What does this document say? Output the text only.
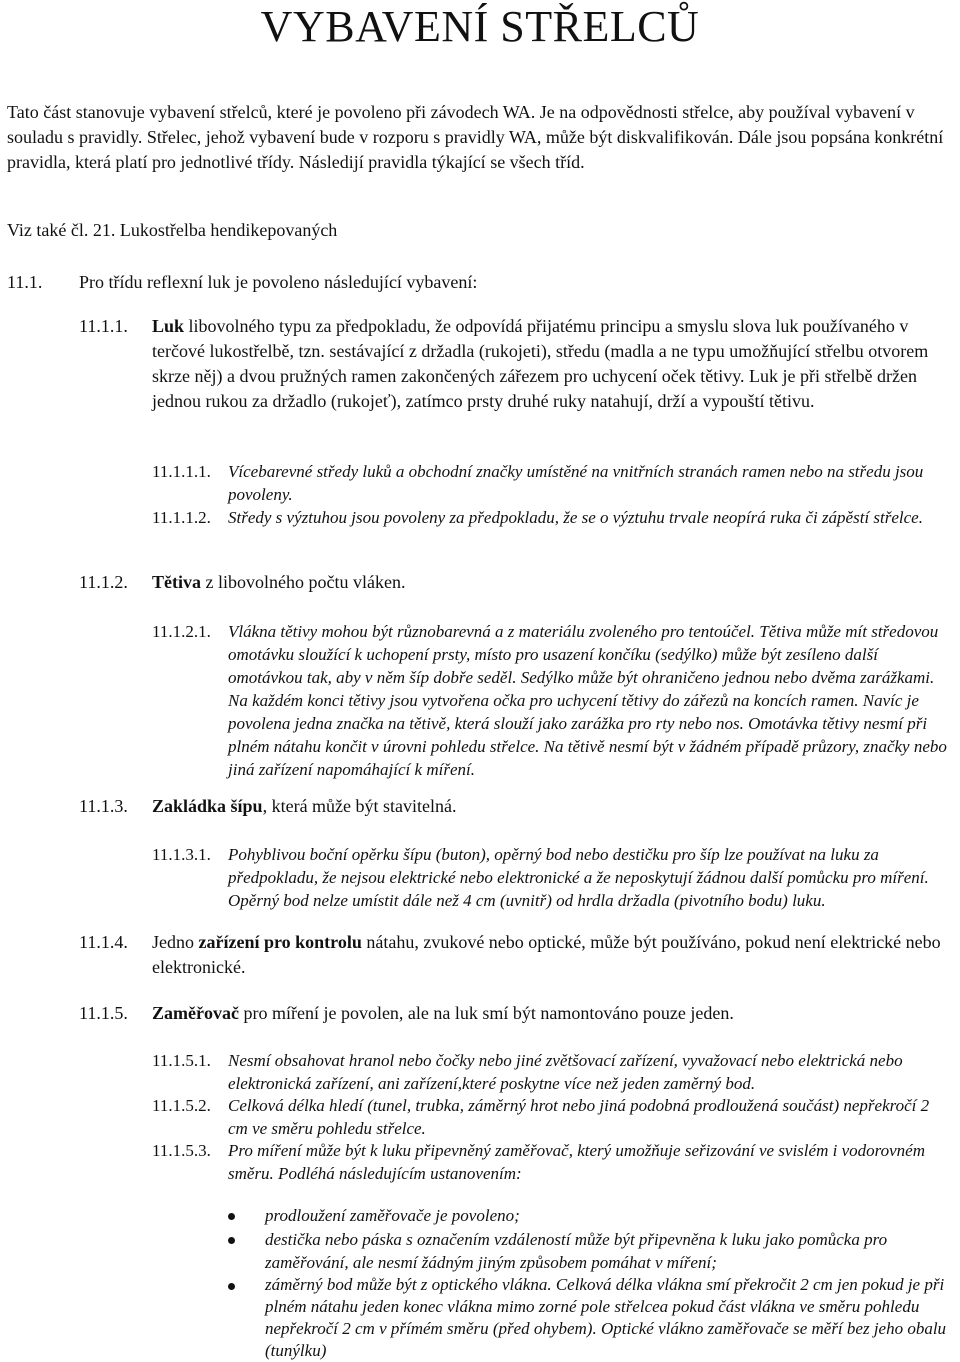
VYBAVENÍ STŘELCŮ

Tato část stanovuje vybavení střelců, které je povoleno při závodech WA. Je na odpovědnosti střelce, aby používal vybavení v souladu s pravidly. Střelec, jehož vybavení bude v rozporu s pravidly WA, může být diskvalifikován. Dále jsou popsána konkrétní pravidla, která platí pro jednotlivé třídy. Následijí pravidla týkající se všech tříd.

Viz také čl. 21. Lukostřelba hendikepovaných

11.1. Pro třídu reflexní luk je povoleno následující vybavení:

11.1.1. Luk libovolného typu za předpokladu, že odpovídá přijatému principu a smyslu slova luk používaného v terčové lukostřelbě, tzn. sestávající z držadla (rukojeti), středu (madla a ne typu umožňující střelbu otvorem skrze něj) a dvou pružných ramen zakončených zářezem pro uchycení oček tětivy. Luk je při střelbě držen jednou rukou za držadlo (rukojeť), zatímco prsty druhé ruky natahují, drží a vypouští tětivu.

11.1.1.1. Vícebarevné středy luků a obchodní značky umístěné na vnitřních stranách ramen nebo na středu jsou povoleny.

11.1.1.2. Středy s výztuhou jsou povoleny za předpokladu, že se o výztuhu trvale neopírá ruka či zápěstí střelce.

11.1.2. Tětiva z libovolného počtu vláken.

11.1.2.1. Vlákna tětivy mohou být různobarevná a z materiálu zvoleného pro tentoúčel. Tětiva může mít středovou omotávku sloužící k uchopení prsty, místo pro usazení končíku (sedýlko) může být zesíleno další omotávkou tak, aby v něm šíp dobře seděl. Sedýlko může být ohraničeno jednou nebo dvěma zarážkami. Na každém konci tětivy jsou vytvořena očka pro uchycení tětivy do zářezů na koncích ramen. Navíc je povolena jedna značka na tětivě, která slouží jako zarážka pro rty nebo nos. Omotávka tětivy nesmí při plném nátahu končit v úrovni pohledu střelce. Na tětivě nesmí být v žádném případě průzory, značky nebo jiná zařízení napomáhající k míření.

11.1.3. Zakládka šípu, která může být stavitelná.

11.1.3.1. Pohyblivou boční opěrku šípu (buton), opěrný bod nebo destičku pro šíp lze používat na luku za předpokladu, že nejsou elektrické nebo elektronické a že neposkytují žádnou další pomůcku pro míření. Opěrný bod nelze umístit dále než 4 cm (uvnitř) od hrdla držadla (pivotního bodu) luku.

11.1.4. Jedno zařízení pro kontrolu nátahu, zvukové nebo optické, může být používáno, pokud není elektrické nebo elektronické.

11.1.5. Zaměřovač pro míření je povolen, ale na luk smí být namontováno pouze jeden.

11.1.5.1. Nesmí obsahovat hranol nebo čočky nebo jiné zvětšovací zařízení, vyvažovací nebo elektrická nebo elektronická zařízení, ani zařízení,které poskytne více než jeden zaměrný bod.

11.1.5.2. Celková délka hledí (tunel, trubka, záměrný hrot nebo jiná podobná prodloužená součást) nepřekročí 2 cm ve směru pohledu střelce.

11.1.5.3. Pro míření může být k luku připevněný zaměřovač, který umožňuje seřizování ve svislém i vodorovném směru. Podléhá následujícím ustanovením:

prodloužení zaměřovače je povoleno;

destička nebo páska s označením vzdáleností může být připevněna k luku jako pomůcka pro zaměřování, ale nesmí žádným jiným způsobem pomáhat v míření;

záměrný bod může být z optického vlákna. Celková délka vlákna smí překročit 2 cm jen pokud je při plném nátahu jeden konec vlákna mimo zorné pole střelcea pokud část vlákna ve směru pohledu nepřekročí 2 cm v přímém směru (před ohybem). Optické vlákno zaměřovače se měří bez jeho obalu (tunýlku)
